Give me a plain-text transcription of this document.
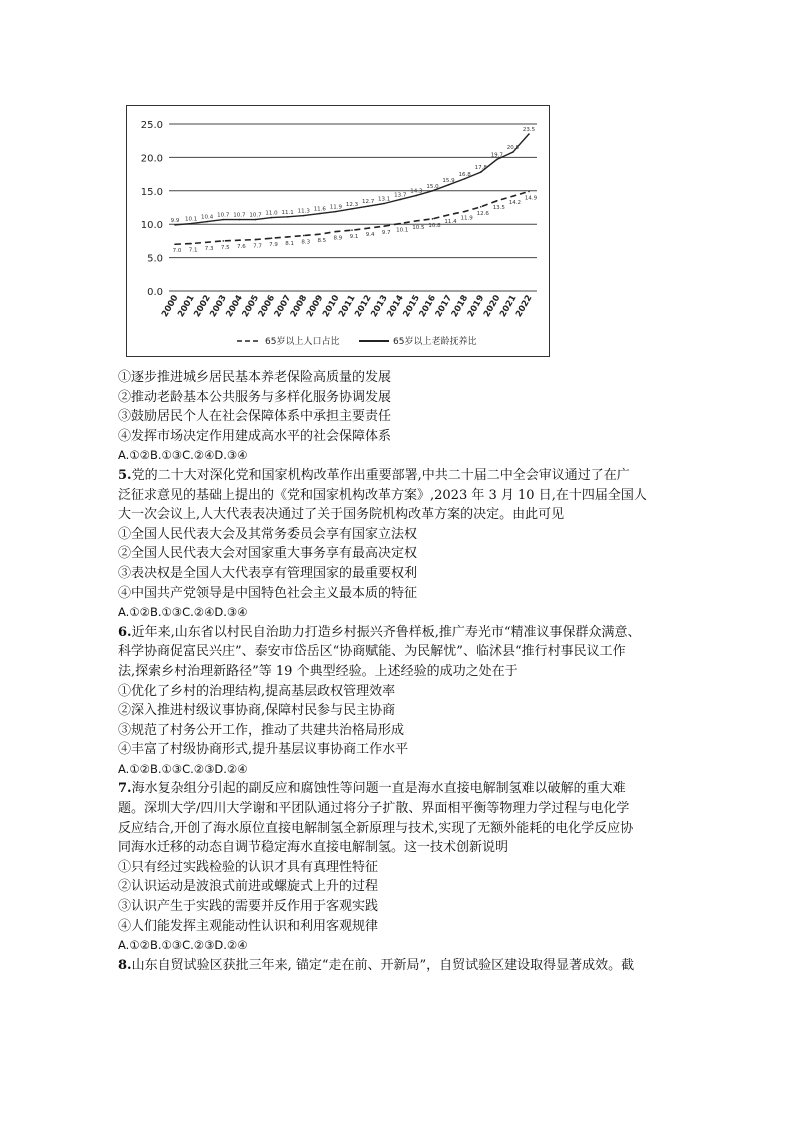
0.0
5.0
10.0
15.0
20.0
25.0
2000
2001
2002
2003
2004
2005
2006
2007
2008
2009
2010
2011
2012
2013
2014
2015
2016
2017
2018
2019
2020
2021
2022
7.0 7.1 7.3 7.5 7.6 7.7 7.9 8.1 8.3 8.5 8.9 9.1 9.4 9.7 10.1 10.5 10.8
11.4
11.9
12.6
13.5
14.2
14.9
9.9 10.1 10.4 10.7 10.7 10.7 11.0 11.1 11.3 11.6 11.9 12.3 12.7 13.1
13.7
14.3
15.0
15.9
16.8
17.8
19.7
20.8
23.5
65岁以上人口占比	65岁以上老龄抚养比

①逐步推进城乡居民基本养老保险高质量的发展

②推动老龄基本公共服务与多样化服务协调发展

③鼓励居民个人在社会保障体系中承担主要责任

④发挥市场决定作用建成高水平的社会保障体系

A.①②B.①③C.②④D.③④

5.党的二十大对深化党和国家机构改革作出重要部署,中共二十届二中全会审议通过了在广

泛征求意见的基础上提出的《党和国家机构改革方案》,2023 年 3 月 10 日,在十四届全国人

大一次会议上,人大代表表决通过了关于国务院机构改革方案的决定。由此可见

①全国人民代表大会及其常务委员会享有国家立法权

②全国人民代表大会对国家重大事务享有最高决定权

③表决权是全国人大代表享有管理国家的最重要权利

④中国共产党领导是中国特色社会主义最本质的特征

A.①②B.①③C.②④D.③④

6.近年来,山东省以村民自治助力打造乡村振兴齐鲁样板,推广寿光市“精准议事保群众满意、

科学协商促富民兴庄”、泰安市岱岳区“协商赋能、为民解忧”、临沭县“推行村事民议工作

法,探索乡村治理新路径”等 19 个典型经验。上述经验的成功之处在于

①优化了乡村的治理结构,提高基层政权管理效率

②深入推进村级议事协商,保障村民参与民主协商

③规范了村务公开工作，推动了共建共治格局形成

④丰富了村级协商形式,提升基层议事协商工作水平

A.①②B.①③C.②③D.②④

7.海水复杂组分引起的副反应和腐蚀性等问题一直是海水直接电解制氢难以破解的重大难

题。深圳大学/四川大学谢和平团队通过将分子扩散、界面相平衡等物理力学过程与电化学

反应结合,开创了海水原位直接电解制氢全新原理与技术,实现了无额外能耗的电化学反应协

同海水迁移的动态自调节稳定海水直接电解制氢。这一技术创新说明

①只有经过实践检验的认识才具有真理性特征

②认识运动是波浪式前进或螺旋式上升的过程

③认识产生于实践的需要并反作用于客观实践

④人们能发挥主观能动性认识和利用客观规律

A.①②B.①③C.②③D.②④

8.山东自贸试验区获批三年来, 锚定“走在前、开新局”，自贸试验区建设取得显著成效。截
